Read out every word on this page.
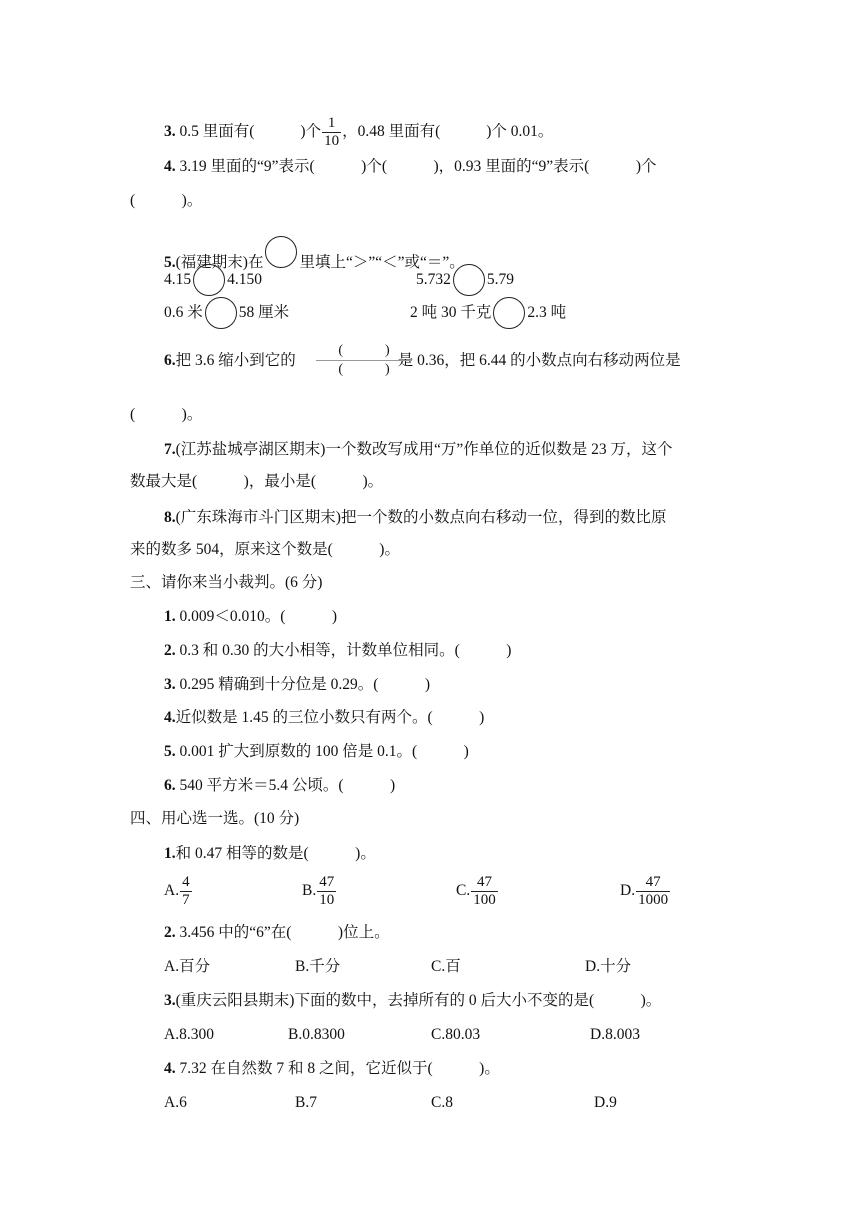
3. 0.5 里面有(	)个 $\frac{1}{10}$ ，0.48 里面有(	)个 0.01。
4. 3.19 里面的“9”表示(　　　)个(　　　)，0.93 里面的“9”表示(　　　)个
(　　　)。
5.(福建期末)在 里填上“＞”“＜”或“＝”。
4.15 4.150	5.732 5.79
0.6 米 58 厘米	2 吨 30 千克 2.3 吨
6.把 3.6 缩小到它的	是 0.36，把 6.44 的小数点向右移动两位是
(　　　)
(　　　)
(　　　)。
7.(江苏盐城亭湖区期末)一个数改写成用“万”作单位的近似数是 23 万，这个
数最大是(　　　)，最小是(　　　)。
8.(广东珠海市斗门区期末)把一个数的小数点向右移动一位，得到的数比原
来的数多 504，原来这个数是(　　　)。
三、请你来当小裁判。(6 分)
1. 0.009＜0.010。(　　　)
2. 0.3 和 0.30 的大小相等，计数单位相同。(　　　)
3. 0.295 精确到十分位是 0.29。(　　　)
4.近似数是 1.45 的三位小数只有两个。(　　　)
5. 0.001 扩大到原数的 100 倍是 0.1。(　　　)
6. 540 平方米＝5.4 公顷。(　　　)
四、用心选一选。(10 分)
1.和 0.47 相等的数是(　　　)。
A. $\frac{4}{7}$	B. $\frac{47}{10}$	C. $\frac{47}{100}$	D. $\frac{47}{1000}$
2. 3.456 中的“6”在(　　　)位上。
A.百分	B.千分	C.百	D.十分
3.(重庆云阳县期末)下面的数中，去掉所有的 0 后大小不变的是(　　　)。
A.8.300	B.0.8300	C.80.03	D.8.003
4. 7.32 在自然数 7 和 8 之间，它近似于(　　　)。
A.6	B.7	C.8	D.9
